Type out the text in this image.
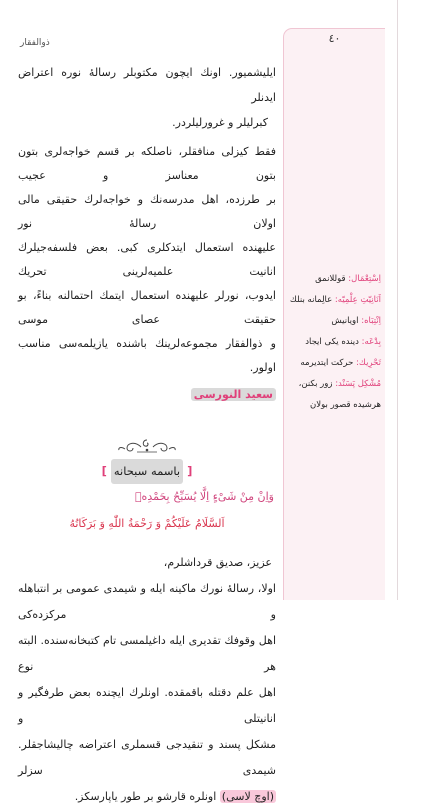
ذوالفقار	٤٠
اِسْتِعْمَال: قوللانمق
اَنَانِيّتِ عِلْمِيّه: عالِمانه بنلك
اِنْتِبَاه: اویانیش
بِدْعَه: دینده یكی ایجاد
تَحْرِيك: حركت ایتدیرمه
مُشْكِل پَسَنْد: زور بكنن، هرشیده قصور بولان
ایلیشمیور. اونك ایچون مكتوبلر رساله‌ٔ نوره اعتراض ایدنلر
كبرلیلر و غرورلیلردر.
فقط كیزلی منافقلر، ناصلكه بر قسم خواجه‌لری بتون بتون معناسز و عجیب
بر طرزده، اهل مدرسه‌نك و خواجه‌لرك حقیقی مالی اولان رساله‌ٔ نور
علیهنده استعمال ایتدكلری كبی. بعض فلسفه‌جیلرك انانیت علمیه‌لرینی تحریك
ایدوب، نورلر علیهنده استعمال ایتمك احتمالنه بناءً، بو حقیقت عصای موسی
و ذوالفقار مجموعه‌لرینك باشنده یازیلمه‌سی مناسب اولور.
سعید النورسی
[ باسمه سبحانه ]
وَاِنْ مِنْ شَیْءٍ اِلَّا یُسَبِّحُ بِحَمْدِهٖ
اَلسَّلَامُ عَلَیْكُمْ وَ رَحْمَةُ اللّٰهِ وَ بَرَكَاتُهُ
عزیز، صدیق قرداشلرم،
اولا، رساله‌ٔ نورك ماكینه ایله و شیمدی عمومی بر انتباهله و مركزده‌كی
اهل وقوفك تقدیری ایله داغیلمسی تام كتبخانه‌سنده. البته هر نوع
اهل علم دقتله باقمقده. اونلرك ایچنده بعض طرفگیر و انانیتلی و
مشكل پسند و تنقیدجی قسملری اعتراضه چالیشاجقلر. شیمدی سزلر
(اوچ لاسی) اونلره قارشو بر طور یاپارسكز.
